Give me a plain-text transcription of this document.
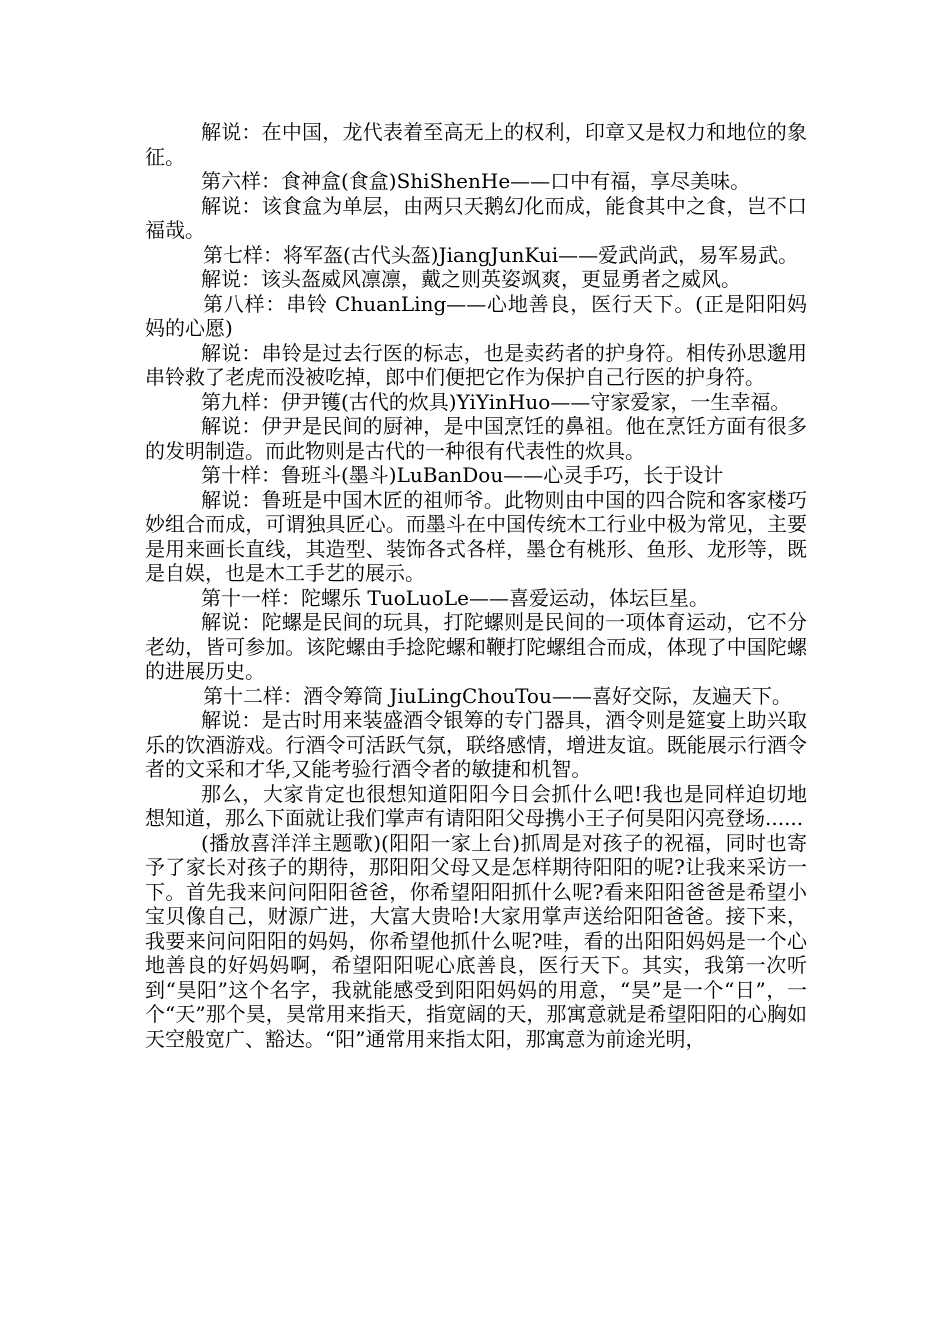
解说：在中国，龙代表着至高无上的权利，印章又是权力和地位的象征。

第六样：食神盒(食盒)ShiShenHe——口中有福，享尽美味。

解说：该食盒为单层，由两只天鹅幻化而成，能食其中之食，岂不口福哉。

第七样：将军盔(古代头盔)JiangJunKui——爱武尚武，易军易武。

解说：该头盔威风凛凛，戴之则英姿飒爽，更显勇者之威风。

第八样：串铃 ChuanLing——心地善良，医行天下。(正是阳阳妈妈的心愿)

解说：串铃是过去行医的标志，也是卖药者的护身符。相传孙思邈用串铃救了老虎而没被吃掉，郎中们便把它作为保护自己行医的护身符。

第九样：伊尹镬(古代的炊具)YiYinHuo——守家爱家，一生幸福。

解说：伊尹是民间的厨神，是中国烹饪的鼻祖。他在烹饪方面有很多的发明制造。而此物则是古代的一种很有代表性的炊具。

第十样：鲁班斗(墨斗)LuBanDou——心灵手巧，长于设计

解说：鲁班是中国木匠的祖师爷。此物则由中国的四合院和客家楼巧妙组合而成，可谓独具匠心。而墨斗在中国传统木工行业中极为常见，主要是用来画长直线，其造型、装饰各式各样，墨仓有桃形、鱼形、龙形等，既是自娱，也是木工手艺的展示。

第十一样：陀螺乐 TuoLuoLe——喜爱运动，体坛巨星。

解说：陀螺是民间的玩具，打陀螺则是民间的一项体育运动，它不分老幼，皆可参加。该陀螺由手捻陀螺和鞭打陀螺组合而成，体现了中国陀螺的进展历史。

第十二样：酒令筹筒 JiuLingChouTou——喜好交际，友遍天下。

解说：是古时用来装盛酒令银筹的专门器具，酒令则是筵宴上助兴取乐的饮酒游戏。行酒令可活跃气氛，联络感情，增进友谊。既能展示行酒令者的文采和才华,又能考验行酒令者的敏捷和机智。

那么，大家肯定也很想知道阳阳今日会抓什么吧!我也是同样迫切地想知道，那么下面就让我们掌声有请阳阳父母携小王子何昊阳闪亮登场......

(播放喜洋洋主题歌)(阳阳一家上台)抓周是对孩子的祝福，同时也寄予了家长对孩子的期待，那阳阳父母又是怎样期待阳阳的呢?让我来采访一下。首先我来问问阳阳爸爸，你希望阳阳抓什么呢?看来阳阳爸爸是希望小宝贝像自己，财源广进，大富大贵哈!大家用掌声送给阳阳爸爸。接下来，我要来问问阳阳的妈妈，你希望他抓什么呢?哇，看的出阳阳妈妈是一个心地善良的好妈妈啊，希望阳阳呢心底善良，医行天下。其实，我第一次听到“昊阳”这个名字，我就能感受到阳阳妈妈的用意，“昊”是一个“日”，一个“天”那个昊，昊常用来指天，指宽阔的天，那寓意就是希望阳阳的心胸如天空般宽广、豁达。“阳”通常用来指太阳，那寓意为前途光明，
